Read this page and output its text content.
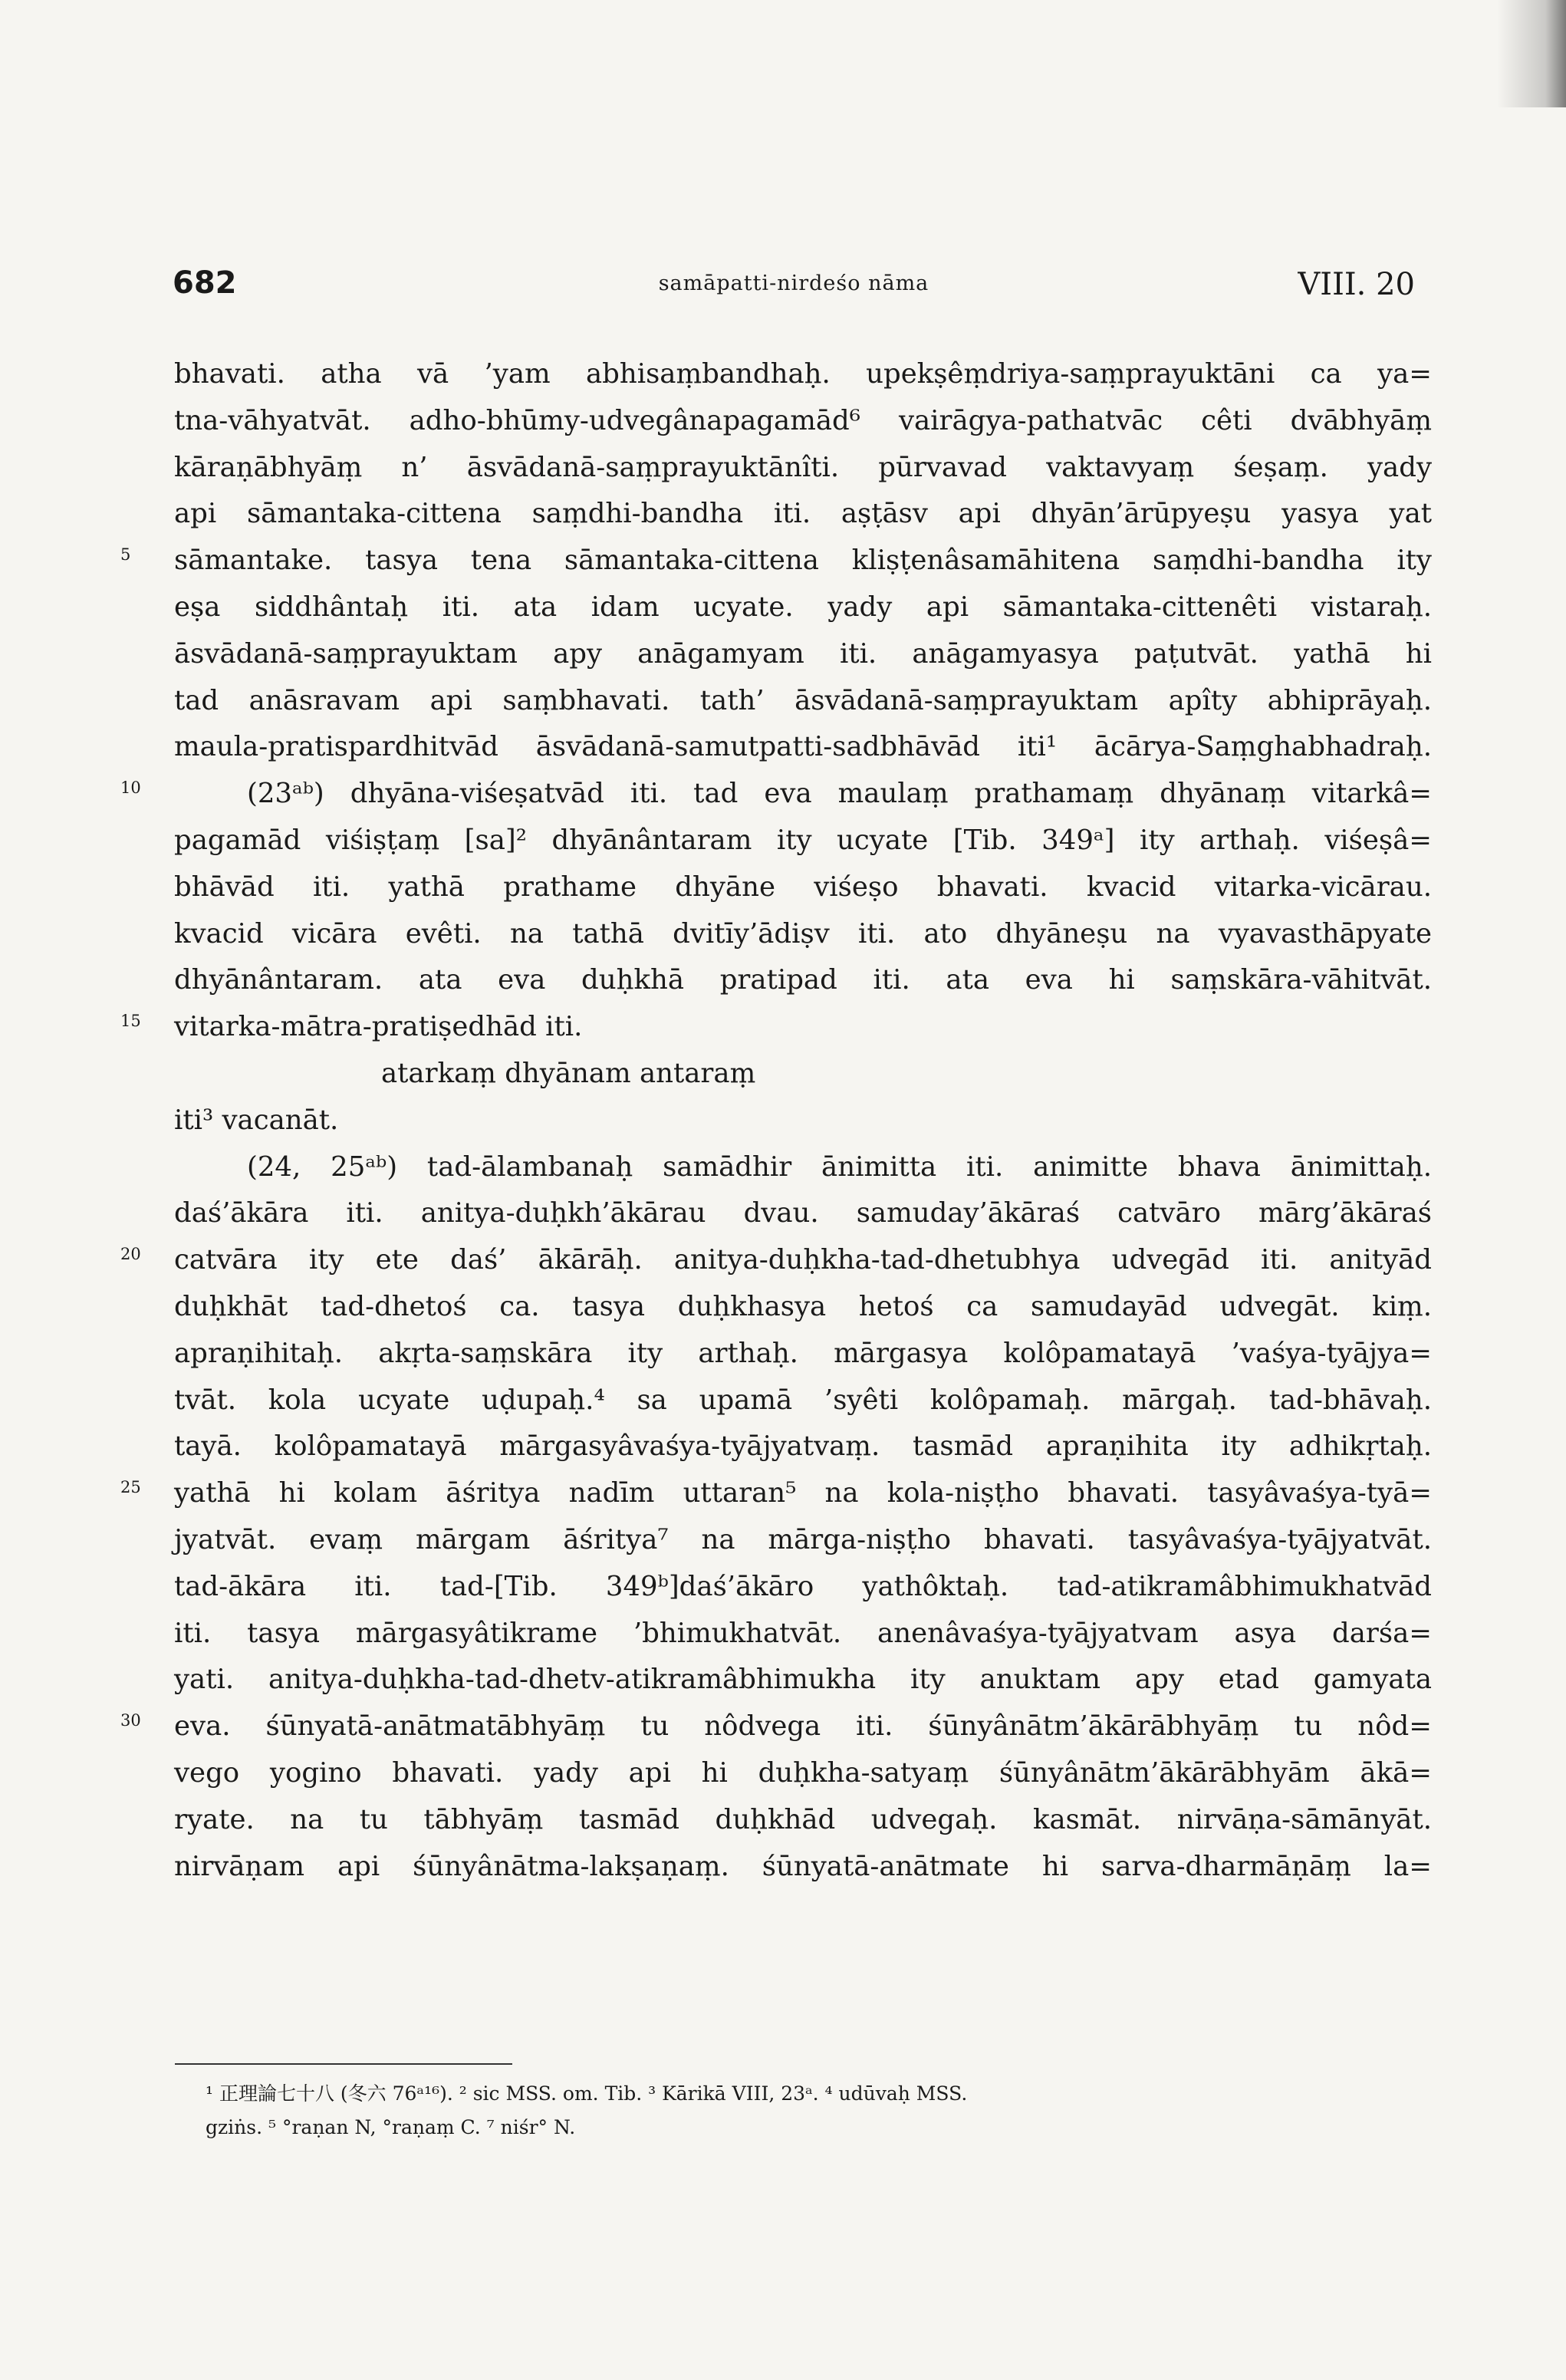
682	samāpatti-nirdeśo nāma	VIII. 20
bhavati. atha vā ’yam abhisaṃbandhaḥ. upekṣêṃdriya-saṃprayuktāni ca ya=
tna-vāhyatvāt. adho-bhūmy-udvegânapagamād⁶ vairāgya-pathatvāc cêti dvābhyāṃ
kāraṇābhyāṃ n’ āsvādanā-saṃprayuktānîti. pūrvavad vaktavyaṃ śeṣaṃ. yady
api sāmantaka-cittena saṃdhi-bandha iti. aṣṭāsv api dhyān’ārūpyeṣu yasya yat
5 sāmantake. tasya tena sāmantaka-cittena kliṣṭenâsamāhitena saṃdhi-bandha ity
eṣa siddhântaḥ iti. ata idam ucyate. yady api sāmantaka-cittenêti vistaraḥ.
āsvādanā-saṃprayuktam apy anāgamyam iti. anāgamyasya paṭutvāt. yathā hi
tad anāsravam api saṃbhavati. tath’ āsvādanā-saṃprayuktam apîty abhiprāyaḥ.
maula-pratispardhitvād āsvādanā-samutpatti-sadbhāvād iti¹ ācārya-Saṃghabhadraḥ.
10	(23ᵃᵇ) dhyāna-viśeṣatvād iti. tad eva maulaṃ prathamaṃ dhyānaṃ vitarkâ=
pagamād viśiṣṭaṃ [sa]² dhyānântaram ity ucyate [Tib. 349ᵃ] ity arthaḥ. viśeṣâ=
bhāvād iti. yathā prathame dhyāne viśeṣo bhavati. kvacid vitarka-vicārau.
kvacid vicāra evêti. na tathā dvitīy’ādiṣv iti. ato dhyāneṣu na vyavasthāpyate
dhyānântaram. ata eva duḥkhā pratipad iti. ata eva hi saṃskāra-vāhitvāt.
15 vitarka-mātra-pratiṣedhād iti.
atarkaṃ dhyānam antaraṃ
iti³ vacanāt.
(24, 25ᵃᵇ) tad-ālambanaḥ samādhir ānimitta iti. animitte bhava ānimittaḥ.
daś’ākāra iti. anitya-duḥkh’ākārau dvau. samuday’ākāraś catvāro mārg’ākāraś
20 catvāra ity ete daś’ ākārāḥ. anitya-duḥkha-tad-dhetubhya udvegād iti. anityād
duḥkhāt tad-dhetoś ca. tasya duḥkhasya hetoś ca samudayād udvegāt. kiṃ.
apraṇihitaḥ. akṛta-saṃskāra ity arthaḥ. mārgasya kolôpamatayā ’vaśya-tyājya=
tvāt. kola ucyate uḍupaḥ.⁴ sa upamā ’syêti kolôpamaḥ. mārgaḥ. tad-bhāvaḥ.
tayā. kolôpamatayā mārgasyâvaśya-tyājyatvaṃ. tasmād apraṇihita ity adhikṛtaḥ.
25 yathā hi kolam āśritya nadīm uttaran⁵ na kola-niṣṭho bhavati. tasyâvaśya-tyā=
jyatvāt. evaṃ mārgam āśritya⁷ na mārga-niṣṭho bhavati. tasyâvaśya-tyājyatvāt.
tad-ākāra iti. tad-[Tib. 349ᵇ]daś’ākāro yathôktaḥ. tad-atikramâbhimukhatvād
iti. tasya mārgasyâtikrame ’bhimukhatvāt. anenâvaśya-tyājyatvam asya darśa=
yati. anitya-duḥkha-tad-dhetv-atikramâbhimukha ity anuktam apy etad gamyata
30 eva. śūnyatā-anātmatābhyāṃ tu nôdvega iti. śūnyânātm’ākārābhyāṃ tu nôd=
vego yogino bhavati. yady api hi duḥkha-satyaṃ śūnyânātm’ākārābhyām ākā=
ryate. na tu tābhyāṃ tasmād duḥkhād udvegaḥ. kasmāt. nirvāṇa-sāmānyāt.
nirvāṇam api śūnyânātma-lakṣaṇaṃ. śūnyatā-anātmate hi sarva-dharmāṇāṃ la=
¹ 正理論七十八 (冬六 76ᵃ¹⁶). ² sic MSS. om. Tib. ³ Kārikā VIII, 23ᵃ. ⁴ udūvaḥ MSS.
gziṅs. ⁵ °raṇan N, °raṇaṃ C. ⁷ niśr° N.
